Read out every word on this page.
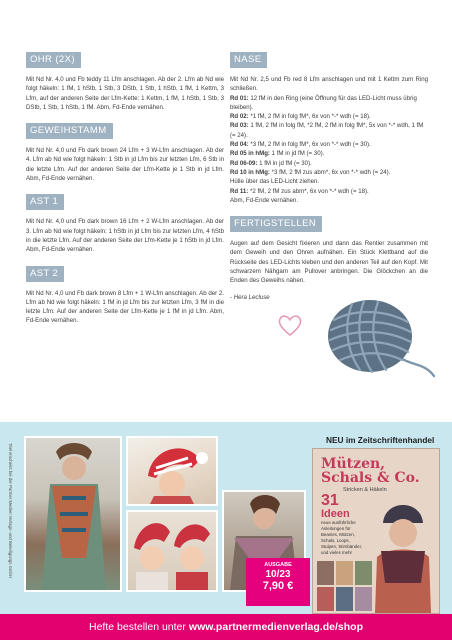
OHR (2X)

Mit Nd Nr. 4,0 und Fb teddy 11 Lfm anschlagen. Ab der 2. Lfm ab Nd wie folgt häkeln: 1 fM, 1 hStb, 1 Stb, 3 DStb, 1 Stb, 1 hStb, 1 fM, 1 Kettm, 3 Lfm, auf der anderen Seite der Lfm-Kette: 1 Kettm, 1 fM, 1 hStb, 1 Stb, 3 DStb, 1 Stb, 1 hStb, 1 fM. Abm, Fd-Ende vernähen.

GEWEIHSTAMM

Mit Nd Nr. 4,0 und Fb dark brown 24 Lfm + 3 W-Lfm anschlagen. Ab der 4. Lfm ab Nd wie folgt häkeln: 1 Stb in jd Lfm bis zur letzten Lfm, 6 Stb in die letzte Lfm. Auf der anderen Seite der Lfm-Kette je 1 Stb in jd Lfm. Abm, Fd-Ende vernähen.

AST 1

Mit Nd Nr. 4,0 und Fb dark brown 16 Lfm + 2 W-Lfm anschlagen. Ab der 3. Lfm ab Nd wie folgt häkeln: 1 hStb in jd Lfm bis zur letzten Lfm, 4 hStb in die letzte Lfm. Auf der anderen Seite der Lfm-Kette je 1 hStb in jd Lfm. Abm, Fd-Ende vernähen.

AST 2

Mit Nd Nr. 4,0 und Fb dark brown 8 Lfm + 1 W-Lfm anschlagen. Ab der 2. Lfm ab Nd wie folgt häkeln: 1 fM in jd Lfm bis zur letzten Lfm, 3 fM in die letzte Lfm. Auf der anderen Seite der Lfm-Kette je 1 fM in jd Lfm. Abm, Fd-Ende vernähen.

NASE

Mit Nd Nr. 2,5 und Fb red 8 Lfm anschlagen und mit 1 Kettm zum Ring schließen.

Rd 01: 12 fM in den Ring (eine Öffnung für das LED-Licht muss übrig bleiben).
Rd 02: *1 fM, 2 fM in folg fM*, 6x von *-* wdh (= 18).
Rd 03: 1 fM, 2 fM in folg fM, *2 fM, 2 fM in folg fM*, 5x von *-* wdh, 1 fM (= 24).
Rd 04: *3 fM, 2 fM in folg fM*, 6x von *-* wdh (= 30).
Rd 05 in hMg: 1 fM in jd fM (= 30).
Rd 06-09: 1 fM in jd fM (= 30).
Rd 10 in hMg: *3 fM, 2 fM zus abm*, 6x von *-* wdh (= 24).
Hülle über das LED-Licht ziehen.
Rd 11: *2 fM, 2 fM zus abm*, 6x von *-* wdh (= 18).
Abm, Fd-Ende vernähen.
FERTIGSTELLEN

Augen auf dem Gesicht fixieren und dann das Rentier zusammen mit dem Geweih und den Ohren aufnähen. Ein Stück Klettband auf die Rückseite des LED-Lichts kleben und den anderen Teil auf den Kopf. Mit schwarzem Nähgarn am Pullover anbringen. Die Glöckchen an die Enden des Geweihs nähen.

- Hera Lecluse

Titel erscheint bei der Partner Medien Verlags- und Beteiligungs GmbH
NEU im Zeitschriftenhandel
Mützen, Schals & Co.
Stricken & Häkeln
31 Ideen
neue ausführliche Anleitungen für Beanies, Mützen, Schals, Loops, Stulpen, Stirnbänder, und vieles mehr
AUSGABE
10/23
7,90 €
Hefte bestellen unter www.partnermedienverlag.de/shop
